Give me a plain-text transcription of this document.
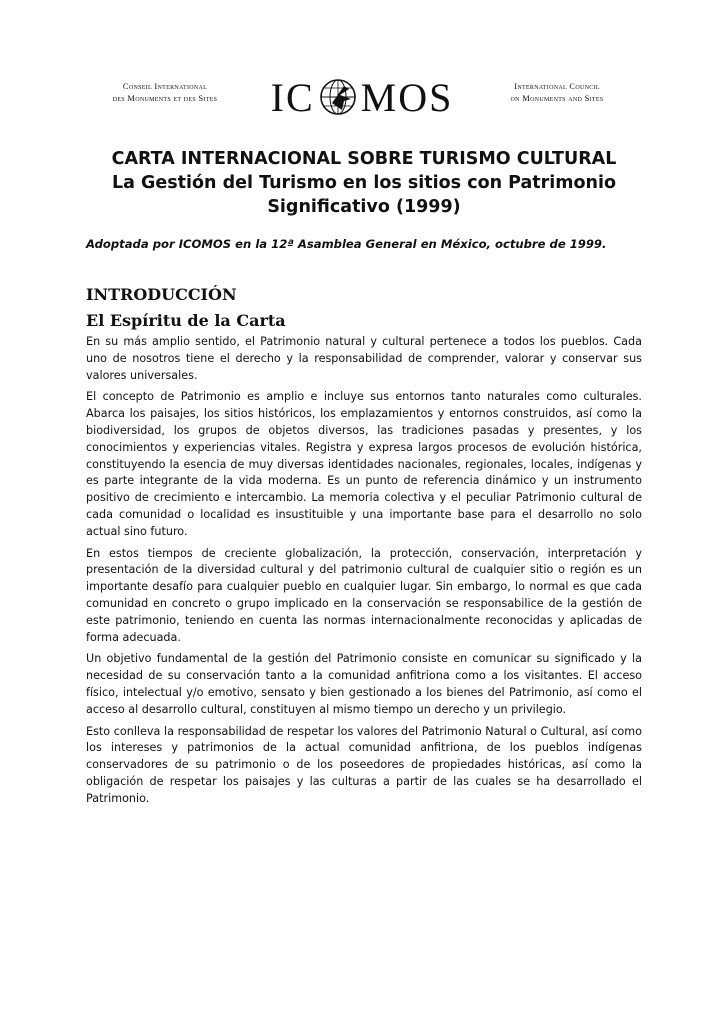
Conseil International
des Monuments et des Sites	IC MOS	International Council
on Monuments and Sites
CARTA INTERNACIONAL SOBRE TURISMO CULTURAL
La Gestión del Turismo en los sitios con Patrimonio
Significativo (1999)
Adoptada por ICOMOS en la 12ª Asamblea General en México, octubre de 1999.
INTRODUCCIÓN
El Espíritu de la Carta

En su más amplio sentido, el Patrimonio natural y cultural pertenece a todos los pueblos. Cada uno de nosotros tiene el derecho y la responsabilidad de comprender, valorar y conservar sus valores universales.

El concepto de Patrimonio es amplio e incluye sus entornos tanto naturales como culturales. Abarca los paisajes, los sitios históricos, los emplazamientos y entornos construidos, así como la biodiversidad, los grupos de objetos diversos, las tradiciones pasadas y presentes, y los conocimientos y experiencias vitales. Registra y expresa largos procesos de evolución histórica, constituyendo la esencia de muy diversas identidades nacionales, regionales, locales, indígenas y es parte integrante de la vida moderna. Es un punto de referencia dinámico y un instrumento positivo de crecimiento e intercambio. La memoria colectiva y el peculiar Patrimonio cultural de cada comunidad o localidad es insustituible y una importante base para el desarrollo no solo actual sino futuro.

En estos tiempos de creciente globalización, la protección, conservación, interpretación y presentación de la diversidad cultural y del patrimonio cultural de cualquier sitio o región es un importante desafío para cualquier pueblo en cualquier lugar. Sin embargo, lo normal es que cada comunidad en concreto o grupo implicado en la conservación se responsabilice de la gestión de este patrimonio, teniendo en cuenta las normas internacionalmente reconocidas y aplicadas de forma adecuada.

Un objetivo fundamental de la gestión del Patrimonio consiste en comunicar su significado y la necesidad de su conservación tanto a la comunidad anfitriona como a los visitantes. El acceso físico, intelectual y/o emotivo, sensato y bien gestionado a los bienes del Patrimonio, así como el acceso al desarrollo cultural, constituyen al mismo tiempo un derecho y un privilegio.

Esto conlleva la responsabilidad de respetar los valores del Patrimonio Natural o Cultural, así como los intereses y patrimonios de la actual comunidad anfitriona, de los pueblos indígenas conservadores de su patrimonio o de los poseedores de propiedades históricas, así como la obligación de respetar los paisajes y las culturas a partir de las cuales se ha desarrollado el Patrimonio.
